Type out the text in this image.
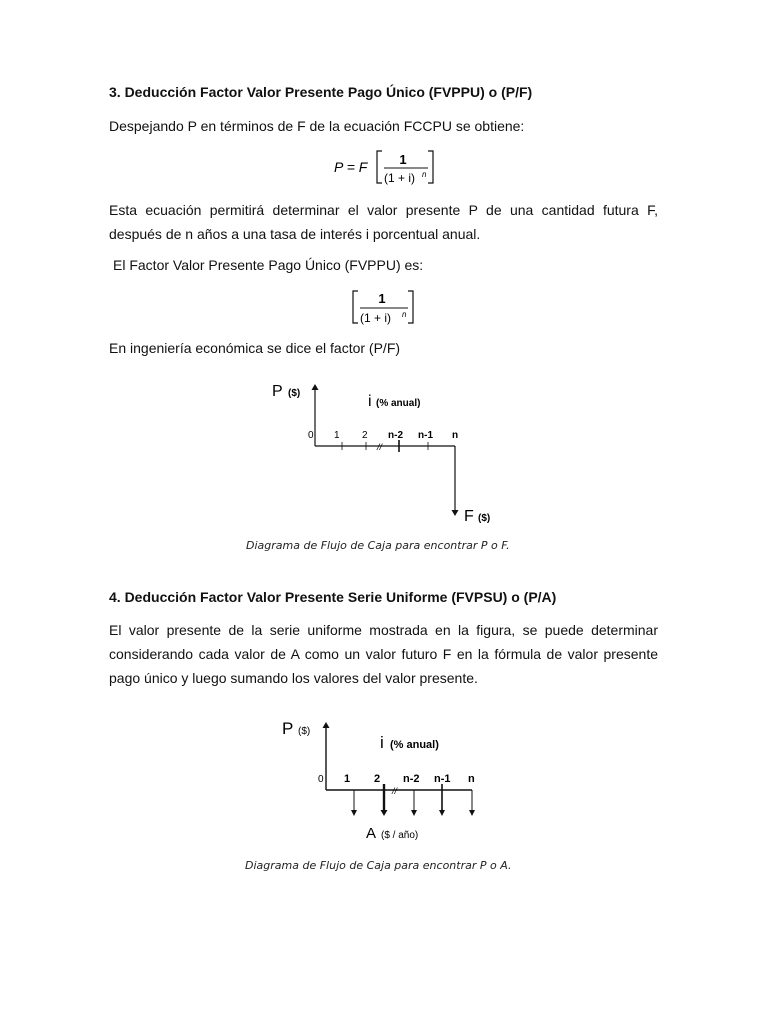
3. Deducción Factor Valor Presente Pago Único (FVPPU) o (P/F)
Despejando P en términos de F de la ecuación FCCPU se obtiene:
P = F 1
(1 + i) n
Esta ecuación permitirá determinar el valor presente P de una cantidad futura F, después de n años a una tasa de interés i porcentual anual.
El Factor Valor Presente Pago Único (FVPPU) es:
1
(1 + i) n
En ingeniería económica se dice el factor (P/F)
P ($)	i (% anual)
0 1 2 n-2 n-1 n
//
F ($)
Diagrama de Flujo de Caja para encontrar P o F.
4. Deducción Factor Valor Presente Serie Uniforme (FVPSU) o (P/A)
El valor presente de la serie uniforme mostrada en la figura, se puede determinar considerando cada valor de A como un valor futuro F en la fórmula de valor presente pago único y luego sumando los valores del valor presente.
P ($)
i (% anual)
0 1 2 n-2 n-1 n
//
A ($ / año)
Diagrama de Flujo de Caja para encontrar P o A.
